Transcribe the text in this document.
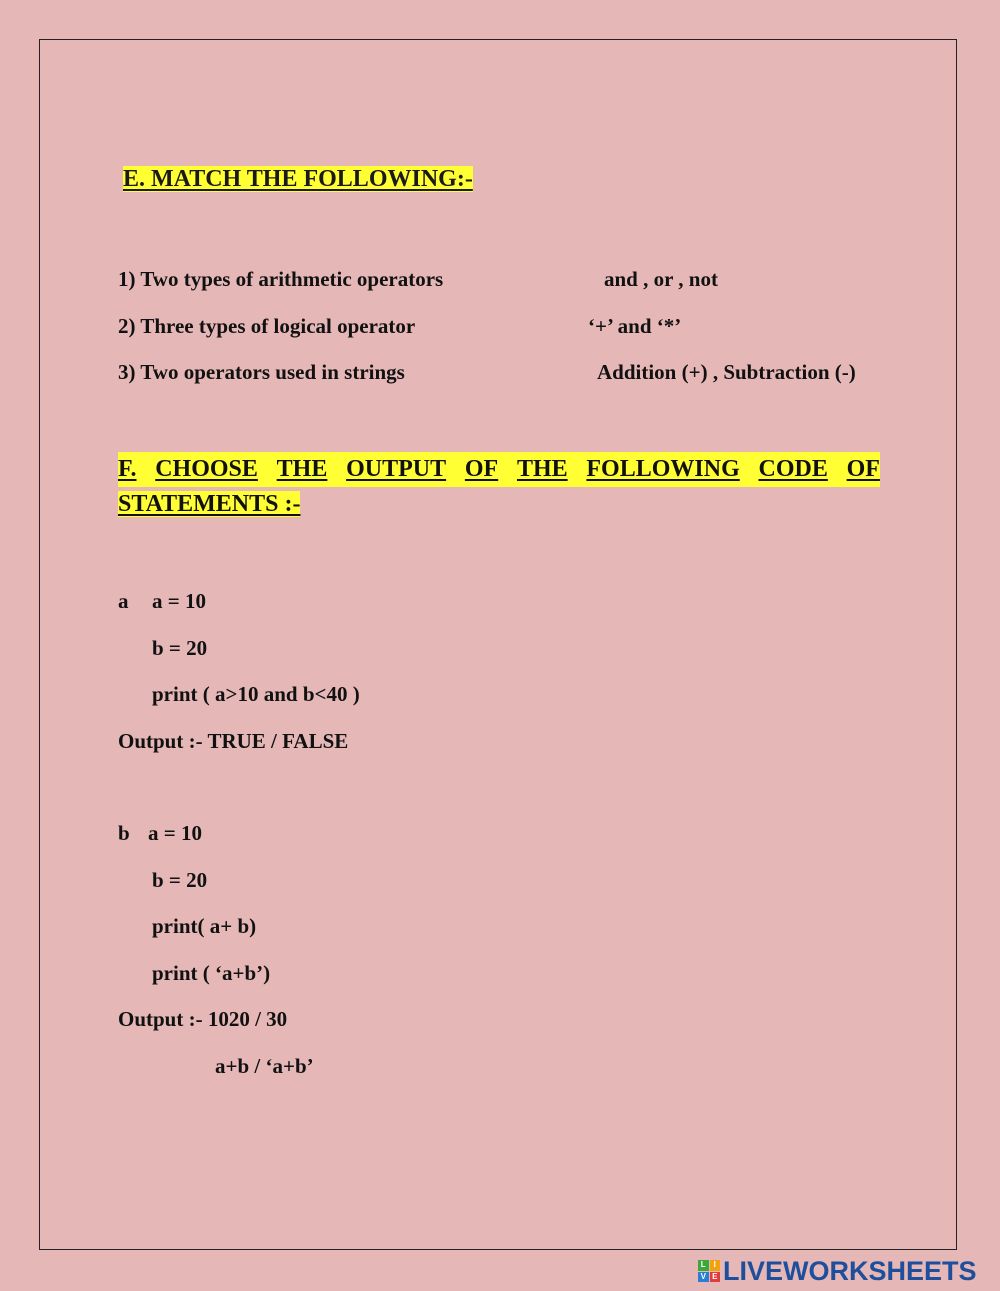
E. MATCH THE FOLLOWING:-
1) Two types of arithmetic operators	and , or , not
2) Three types of logical operator	‘+’ and ‘*’
3) Two operators used in strings	Addition (+) , Subtraction (-)
F. CHOOSE THE OUTPUT OF THE FOLLOWING CODE OF
STATEMENTS :-
a a = 10
b = 20
print ( a>10 and b<40 )
Output :- TRUE / FALSE
b a = 10
b = 20
print( a+ b)
print ( ‘a+b’)
Output :- 1020 / 30
a+b / ‘a+b’
L I
V E LIVEWORKSHEETS
